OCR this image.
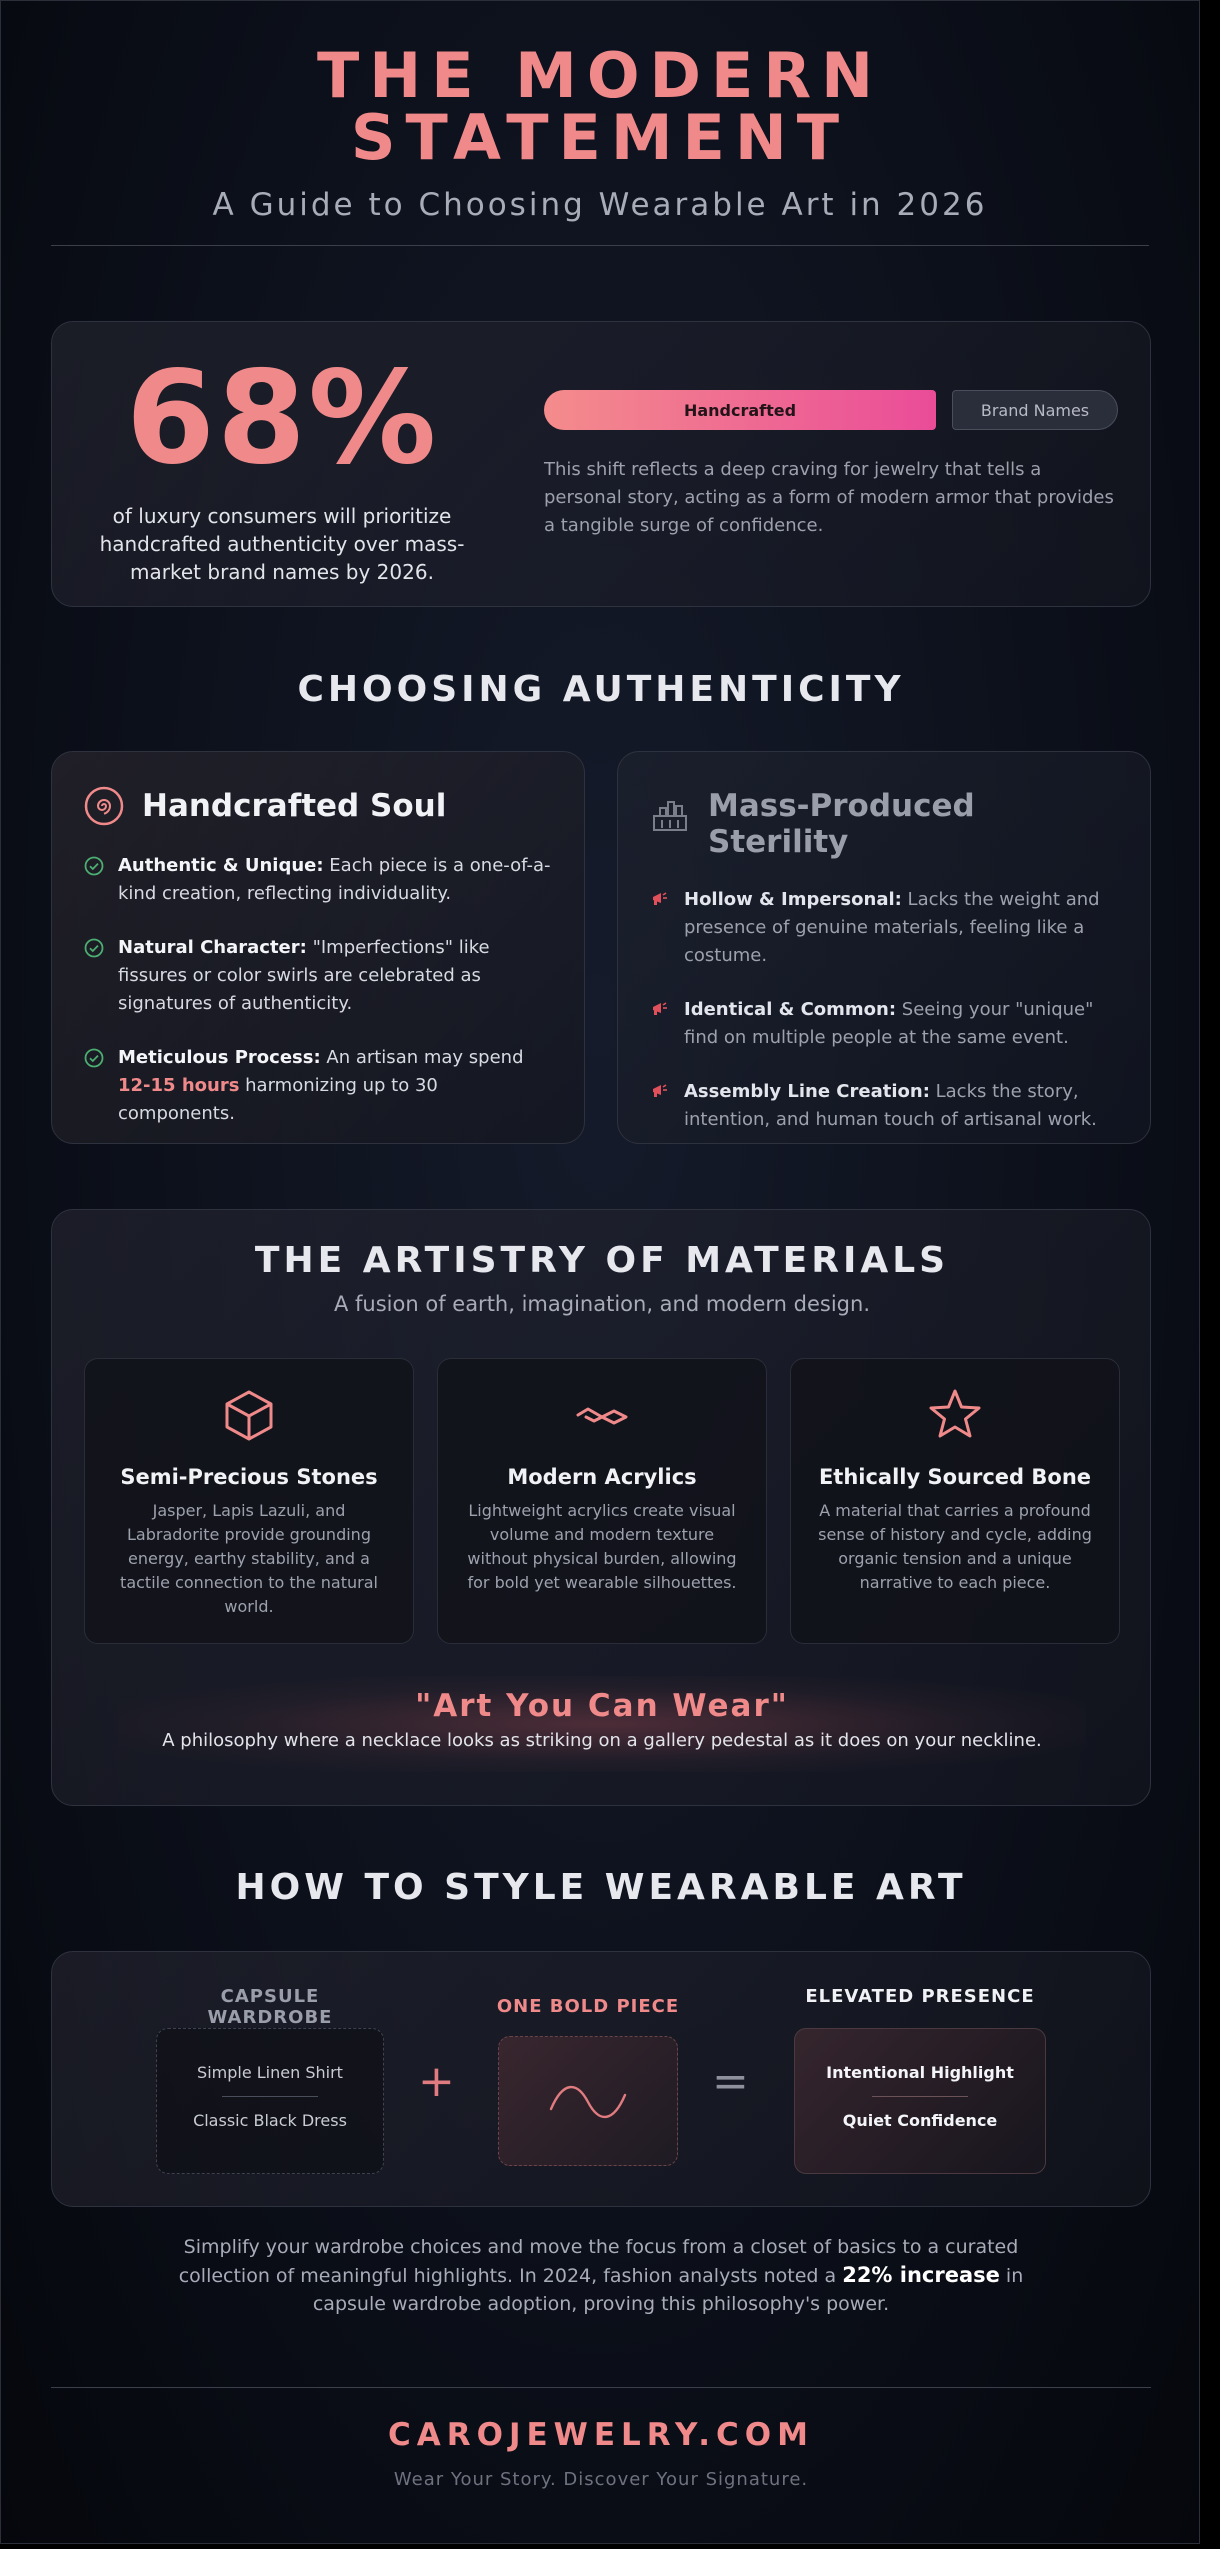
THE MODERN
STATEMENT
A Guide to Choosing Wearable Art in 2026
68%
of luxury consumers will prioritize handcrafted authenticity over mass-market brand names by 2026.
Handcrafted	Brand Names
This shift reflects a deep craving for jewelry that tells a personal story, acting as a form of modern armor that provides a tangible surge of confidence.
CHOOSING AUTHENTICITY
Handcrafted Soul
Authentic & Unique: Each piece is a one-of-a-kind creation, reflecting individuality.
Natural Character: "Imperfections" like fissures or color swirls are celebrated as signatures of authenticity.
Meticulous Process: An artisan may spend 12-15 hours harmonizing up to 30 components.
Mass-Produced
Sterility
Hollow & Impersonal: Lacks the weight and presence of genuine materials, feeling like a costume.
Identical & Common: Seeing your "unique" find on multiple people at the same event.
Assembly Line Creation: Lacks the story, intention, and human touch of artisanal work.
THE ARTISTRY OF MATERIALS
A fusion of earth, imagination, and modern design.
Semi-Precious Stones
Jasper, Lapis Lazuli, and Labradorite provide grounding energy, earthy stability, and a tactile connection to the natural world.
Modern Acrylics
Lightweight acrylics create visual volume and modern texture without physical burden, allowing for bold yet wearable silhouettes.
Ethically Sourced Bone
A material that carries a profound sense of history and cycle, adding organic tension and a unique narrative to each piece.
"Art You Can Wear"
A philosophy where a necklace looks as striking on a gallery pedestal as it does on your neckline.
HOW TO STYLE WEARABLE ART
CAPSULE WARDROBE
Simple Linen Shirt
Classic Black Dress
+
ONE BOLD PIECE
=
ELEVATED PRESENCE
Intentional Highlight
Quiet Confidence
Simplify your wardrobe choices and move the focus from a closet of basics to a curated collection of meaningful highlights. In 2024, fashion analysts noted a 22% increase in capsule wardrobe adoption, proving this philosophy's power.
CAROJEWELRY.COM
Wear Your Story. Discover Your Signature.
